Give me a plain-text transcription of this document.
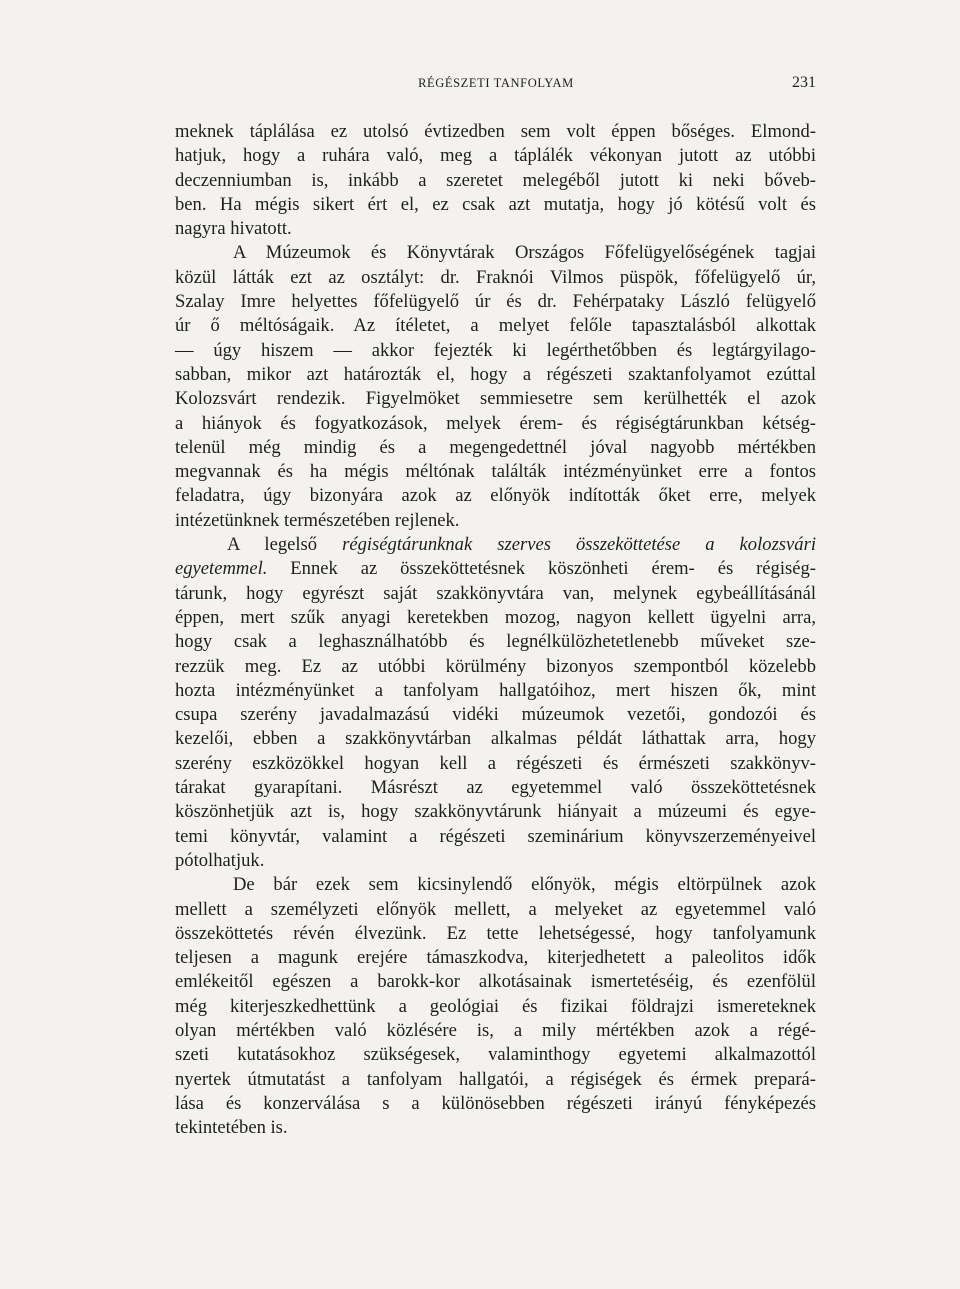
RÉGÉSZETI TANFOLYAM	231
meknek táplálása ez utolsó évtizedben sem volt éppen bőséges. Elmond-
hatjuk, hogy a ruhára való, meg a táplálék vékonyan jutott az utóbbi
deczenniumban is, inkább a szeretet melegéből jutott ki neki bőveb-
ben. Ha mégis sikert ért el, ez csak azt mutatja, hogy jó kötésű volt és
nagyra hivatott.
A Múzeumok és Könyvtárak Országos Főfelügyelőségének tagjai
közül látták ezt az osztályt: dr. Fraknói Vilmos püspök, főfelügyelő úr,
Szalay Imre helyettes főfelügyelő úr és dr. Fehérpataky László felügyelő
úr ő méltóságaik. Az ítéletet, a melyet felőle tapasztalásból alkottak
— úgy hiszem — akkor fejezték ki legérthetőbben és legtárgyilago-
sabban, mikor azt határozták el, hogy a régészeti szaktanfolyamot ezúttal
Kolozsvárt rendezik. Figyelmöket semmiesetre sem kerülhették el azok
a hiányok és fogyatkozások, melyek érem- és régiségtárunkban kétség-
telenül még mindig és a megengedettnél jóval nagyobb mértékben
megvannak és ha mégis méltónak találták intézményünket erre a fontos
feladatra, úgy bizonyára azok az előnyök indították őket erre, melyek
intézetünknek természetében rejlenek.
A legelső régiségtárunknak szerves összeköttetése a kolozsvári
egyetemmel. Ennek az összeköttetésnek köszönheti érem- és régiség-
tárunk, hogy egyrészt saját szakkönyvtára van, melynek egybeállításánál
éppen, mert szűk anyagi keretekben mozog, nagyon kellett ügyelni arra,
hogy csak a leghasználhatóbb és legnélkülözhetetlenebb műveket sze-
rezzük meg. Ez az utóbbi körülmény bizonyos szempontból közelebb
hozta intézményünket a tanfolyam hallgatóihoz, mert hiszen ők, mint
csupa szerény javadalmazású vidéki múzeumok vezetői, gondozói és
kezelői, ebben a szakkönyvtárban alkalmas példát láthattak arra, hogy
szerény eszközökkel hogyan kell a régészeti és érmészeti szakkönyv-
tárakat gyarapítani. Másrészt az egyetemmel való összeköttetésnek
köszönhetjük azt is, hogy szakkönyvtárunk hiányait a múzeumi és egye-
temi könyvtár, valamint a régészeti szeminárium könyvszerzeményeivel
pótolhatjuk.
De bár ezek sem kicsinylendő előnyök, mégis eltörpülnek azok
mellett a személyzeti előnyök mellett, a melyeket az egyetemmel való
összeköttetés révén élvezünk. Ez tette lehetségessé, hogy tanfolyamunk
teljesen a magunk erejére támaszkodva, kiterjedhetett a paleolitos idők
emlékeitől egészen a barokk-kor alkotásainak ismertetéséig, és ezenfölül
még kiterjeszkedhettünk a geológiai és fizikai földrajzi ismereteknek
olyan mértékben való közlésére is, a mily mértékben azok a régé-
szeti kutatásokhoz szükségesek, valaminthogy egyetemi alkalmazottól
nyertek útmutatást a tanfolyam hallgatói, a régiségek és érmek prepará-
lása és konzerválása s a különösebben régészeti irányú fényképezés
tekintetében is.
